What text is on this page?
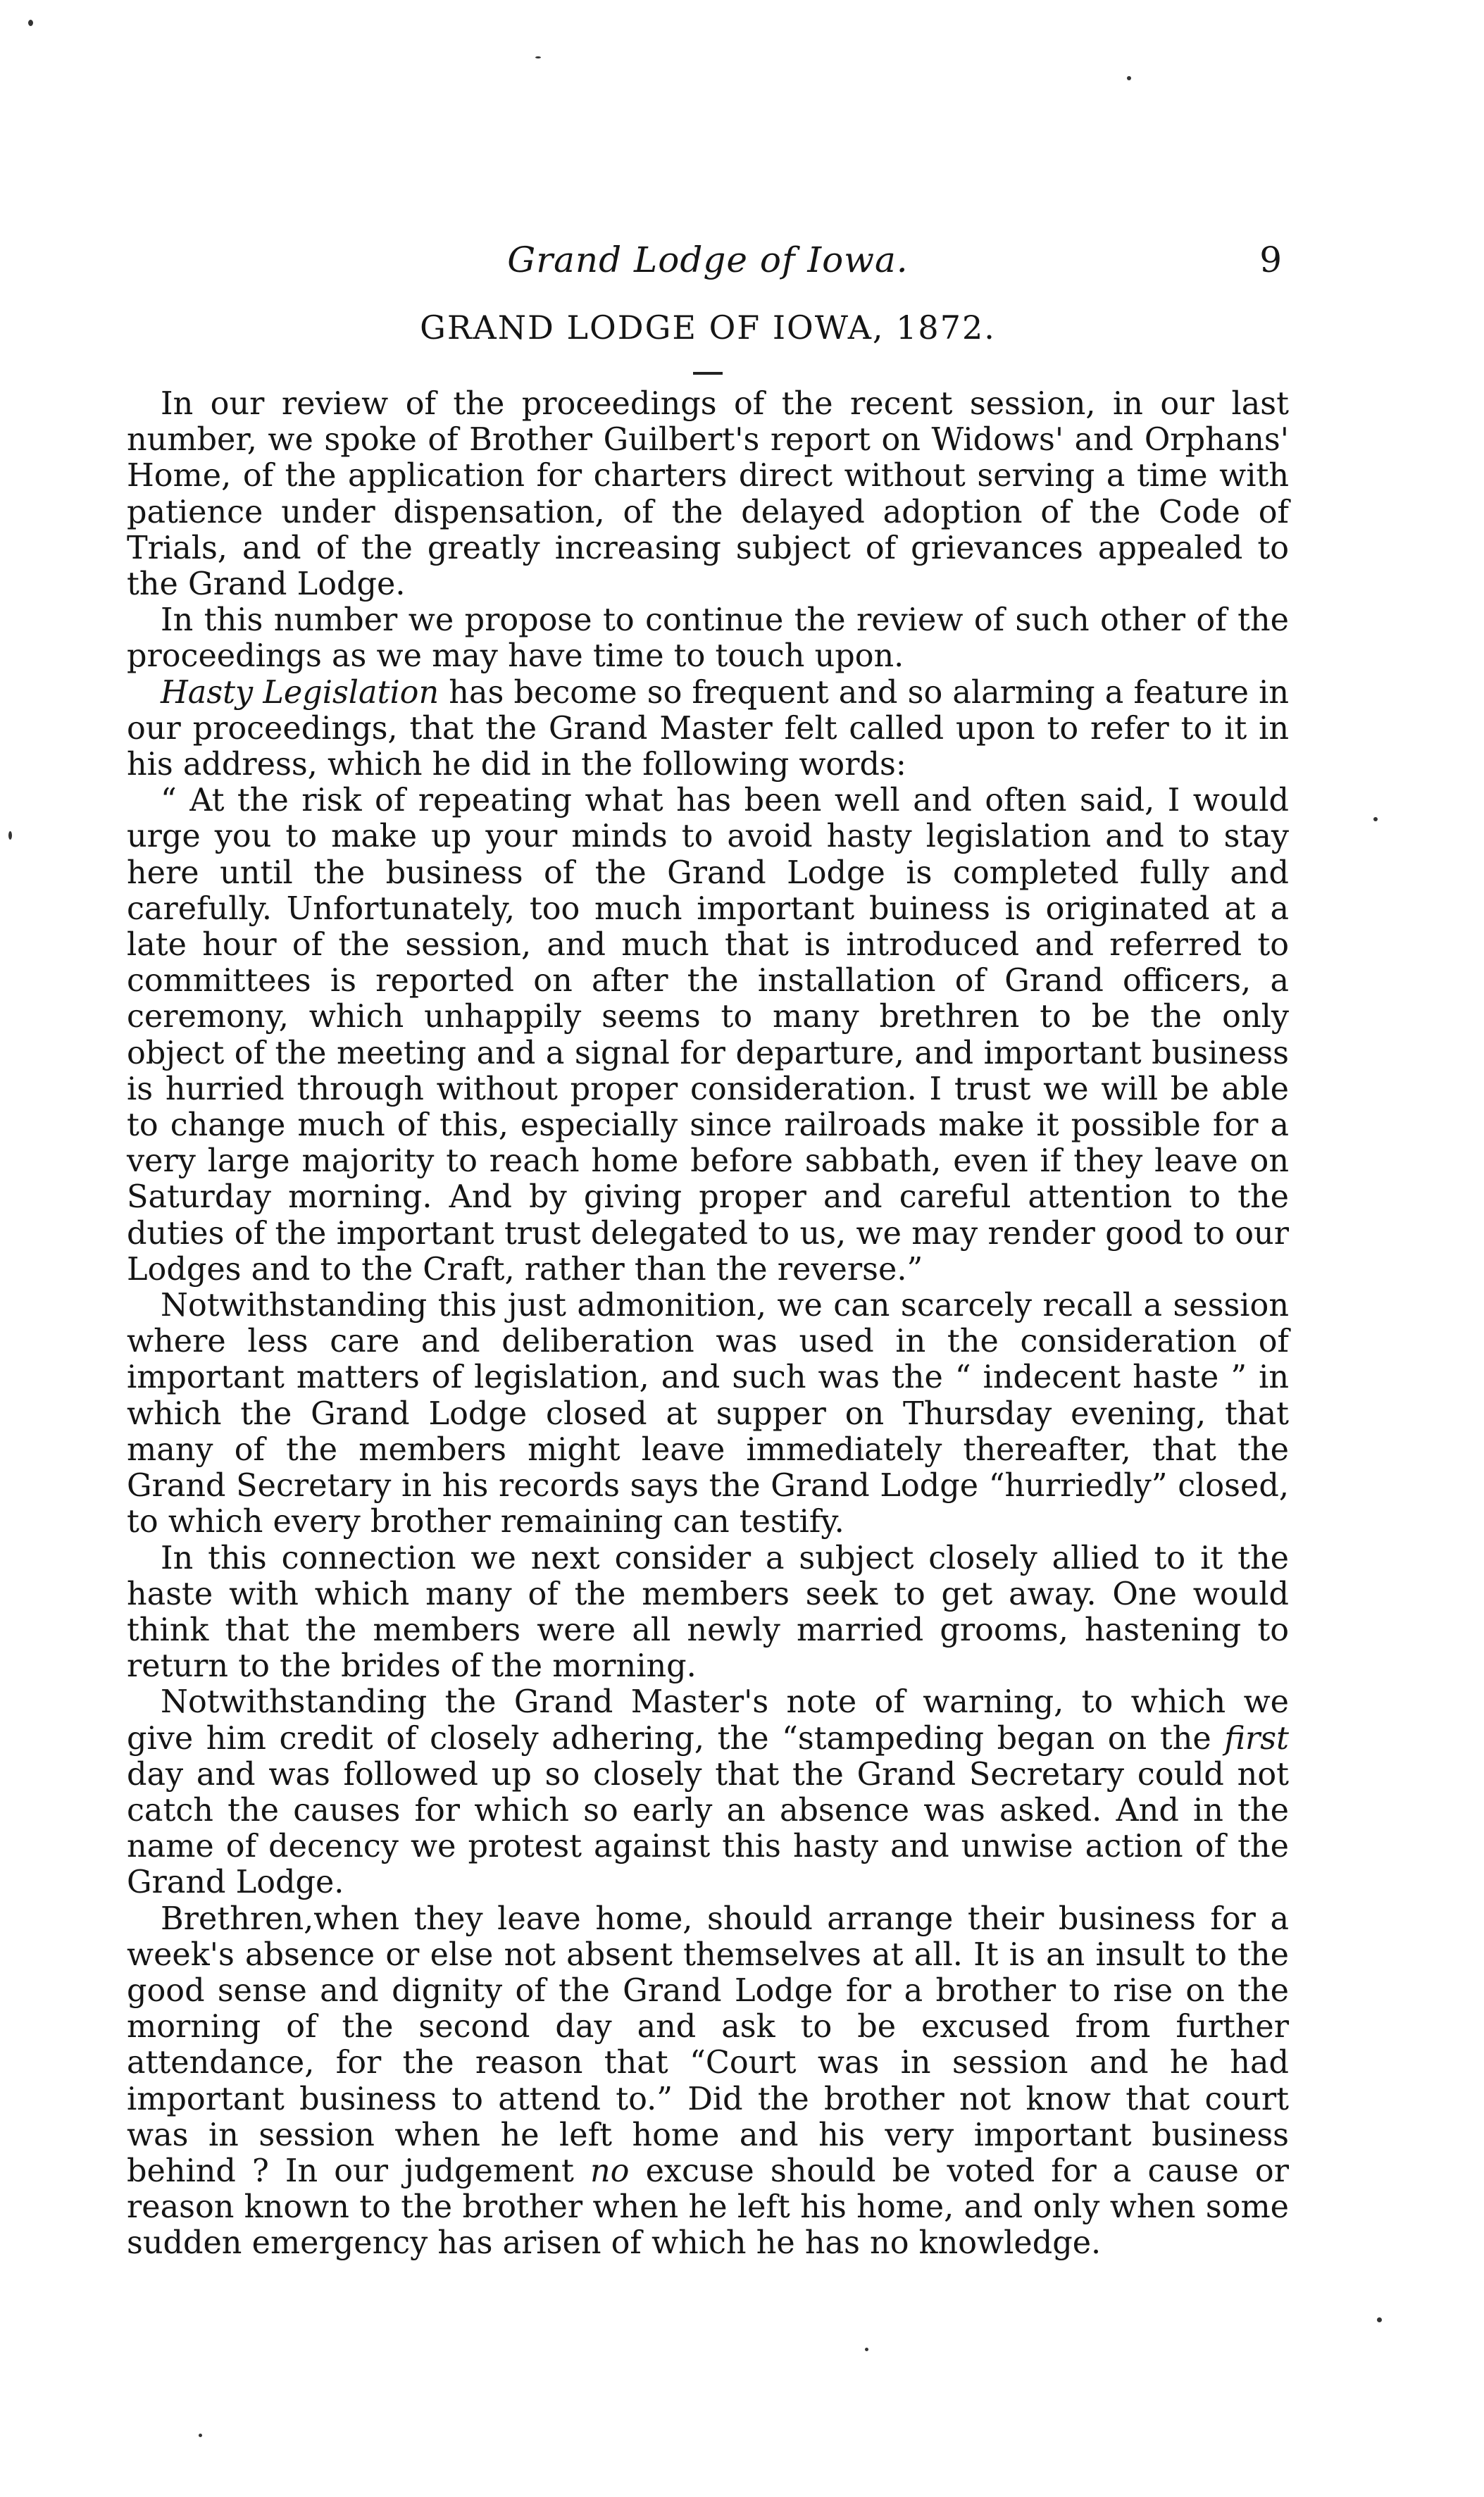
Grand Lodge of Iowa.	9
GRAND LODGE OF IOWA, 1872.

In our review of the proceedings of the recent session, in our last number, we spoke of Brother Guilbert's report on Widows' and Orphans' Home, of the application for charters direct without serving a time with patience under dispensation, of the delayed adoption of the Code of Trials, and of the greatly increasing subject of grievances appealed to the Grand Lodge.

In this number we propose to continue the review of such other of the proceedings as we may have time to touch upon.

Hasty Legislation has become so frequent and so alarming a feature in our proceedings, that the Grand Master felt called upon to refer to it in his address, which he did in the following words:

“ At the risk of repeating what has been well and often said, I would urge you to make up your minds to avoid hasty legislation and to stay here until the business of the Grand Lodge is completed fully and carefully. Unfortunately, too much important buiness is originated at a late hour of the session, and much that is introduced and referred to committees is reported on after the installation of Grand officers, a ceremony, which unhappily seems to many brethren to be the only object of the meeting and a signal for departure, and important business is hurried through without proper consideration. I trust we will be able to change much of this, especially since railroads make it possible for a very large majority to reach home before sabbath, even if they leave on Saturday morning. And by giving proper and careful attention to the duties of the important trust delegated to us, we may render good to our Lodges and to the Craft, rather than the reverse.”

Notwithstanding this just admonition, we can scarcely recall a session where less care and deliberation was used in the consideration of important matters of legislation, and such was the “ indecent haste ” in which the Grand Lodge closed at supper on Thursday evening, that many of the members might leave immediately thereafter, that the Grand Secretary in his records says the Grand Lodge “hurriedly” closed, to which every brother remaining can testify.

In this connection we next consider a subject closely allied to it the haste with which many of the members seek to get away. One would think that the members were all newly married grooms, hastening to return to the brides of the morning.

Notwithstanding the Grand Master's note of warning, to which we give him credit of closely adhering, the “stampeding began on the first day and was followed up so closely that the Grand Secretary could not catch the causes for which so early an absence was asked. And in the name of decency we protest against this hasty and unwise action of the Grand Lodge.

Brethren,when they leave home, should arrange their business for a week's absence or else not absent themselves at all. It is an insult to the good sense and dignity of the Grand Lodge for a brother to rise on the morning of the second day and ask to be excused from further attendance, for the reason that “Court was in session and he had important business to attend to.” Did the brother not know that court was in session when he left home and his very important business behind ? In our judgement no excuse should be voted for a cause or reason known to the brother when he left his home, and only when some sudden emergency has arisen of which he has no knowledge.
